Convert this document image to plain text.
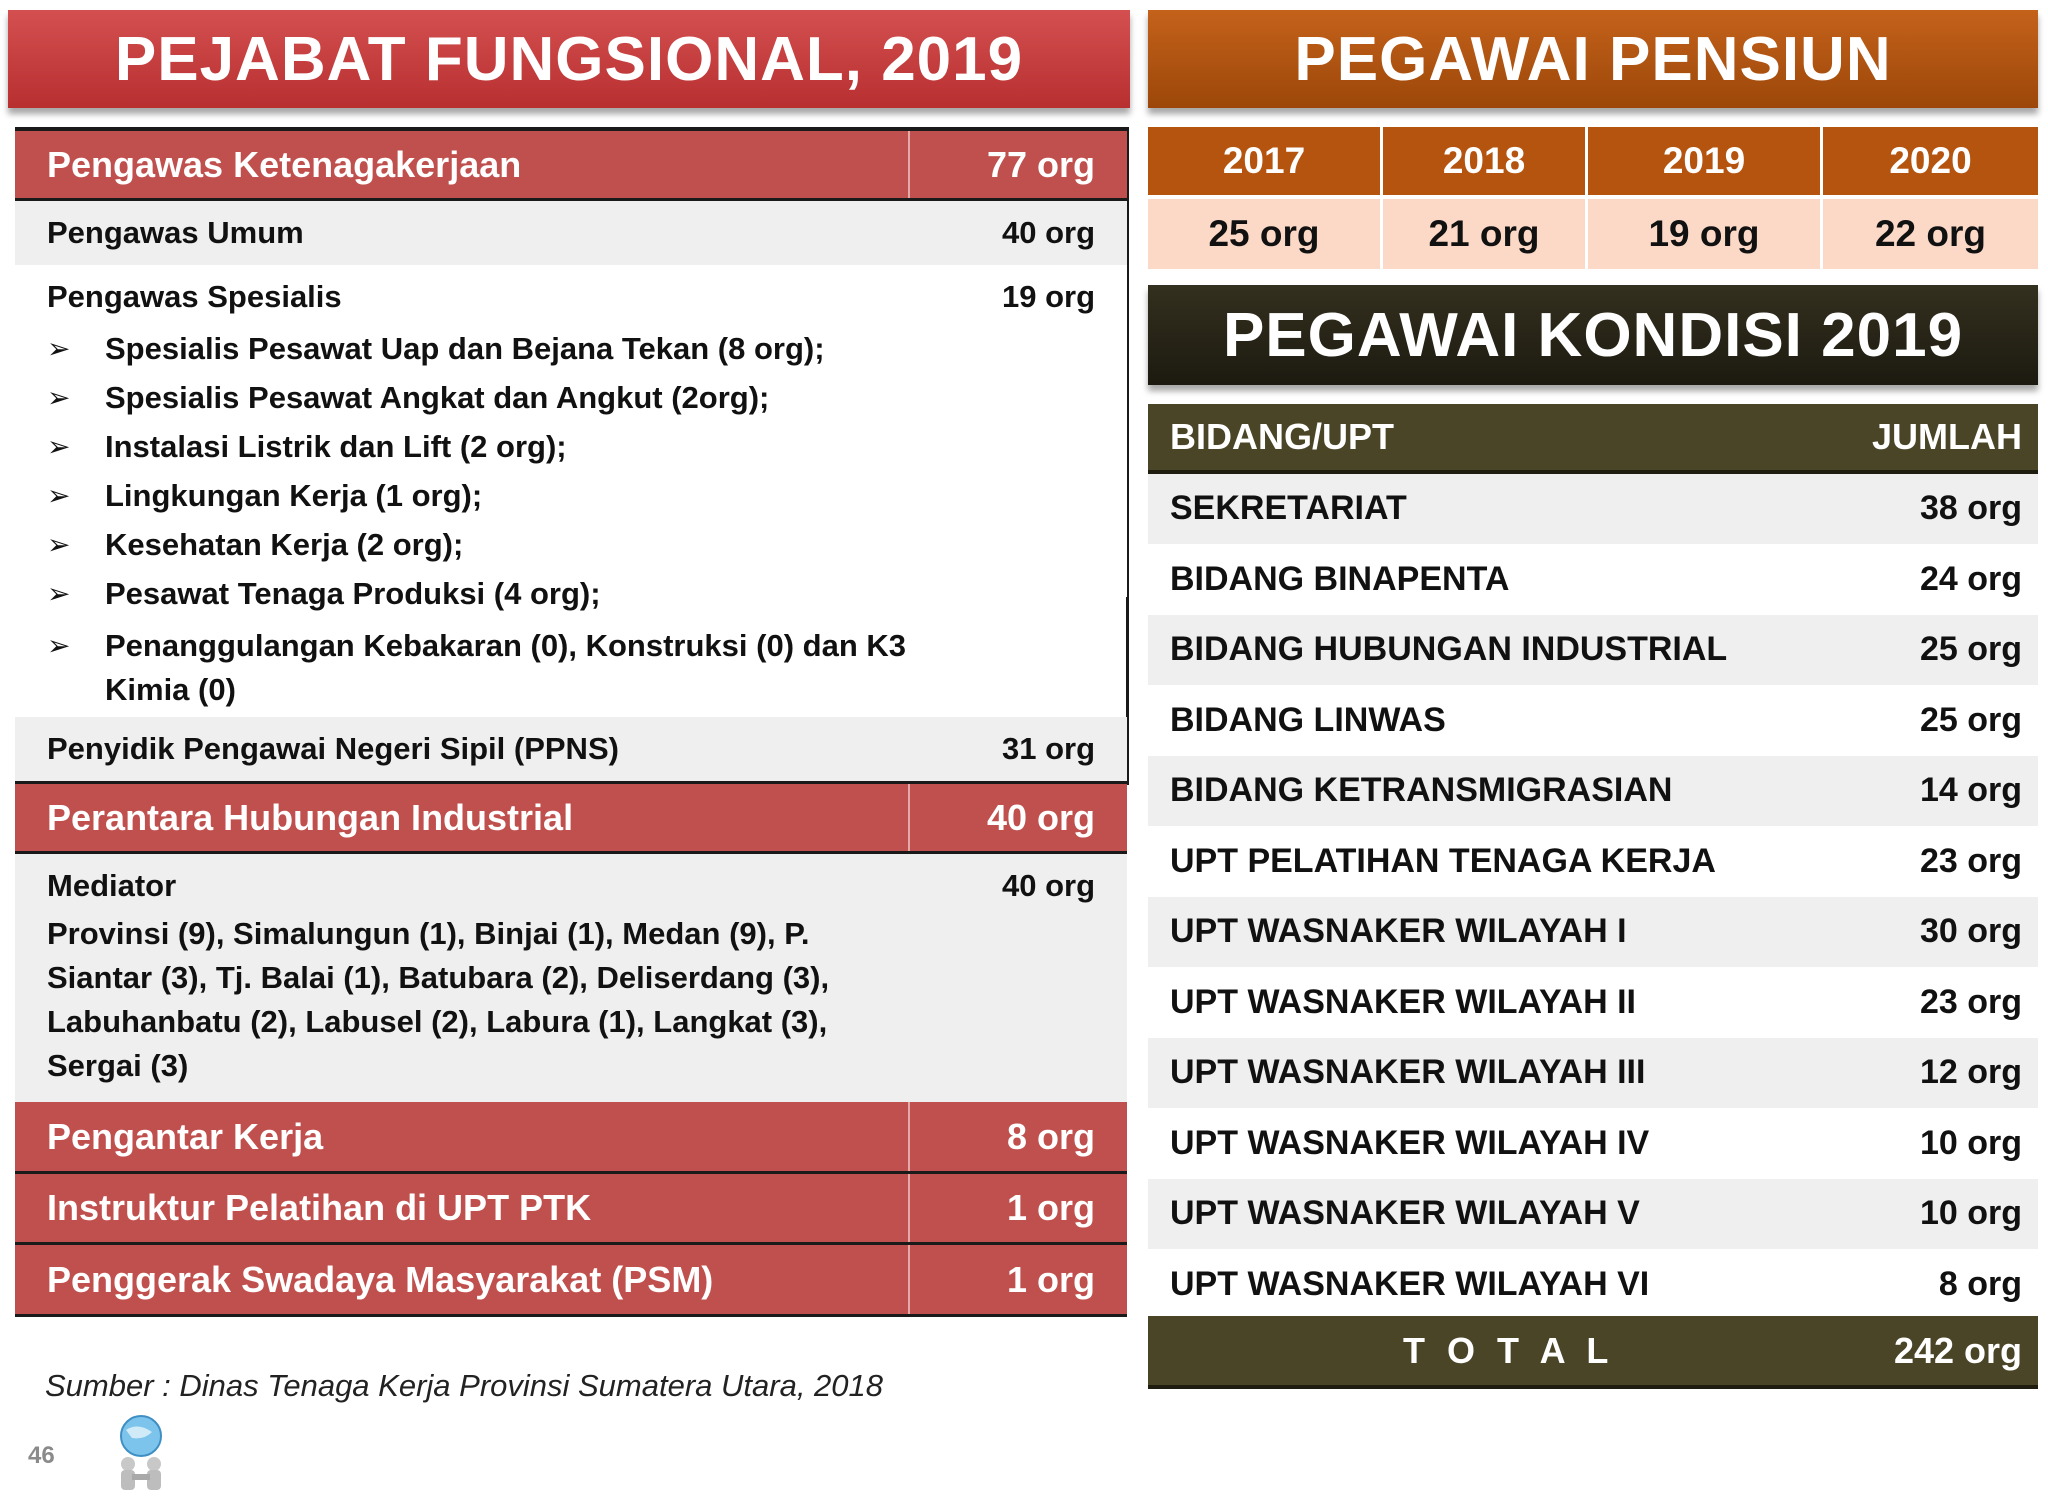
PEJABAT FUNGSIONAL, 2019
Pengawas Ketenagakerjaan	77 org
Pengawas Umum	40 org
Pengawas Spesialis	19 org
➢ Spesialis Pesawat Uap dan Bejana Tekan (8 org);
➢ Spesialis Pesawat Angkat dan Angkut (2org);
➢ Instalasi Listrik dan Lift (2 org);
➢ Lingkungan Kerja (1 org);
➢ Kesehatan Kerja (2 org);
➢ Pesawat Tenaga Produksi (4 org);
➢ Penanggulangan Kebakaran (0), Konstruksi (0) dan K3 Kimia (0)
Penyidik Pengawai Negeri Sipil (PPNS)	31 org
Perantara Hubungan Industrial	40 org
Mediator	40 org
Provinsi (9), Simalungun (1), Binjai (1), Medan (9), P.
Siantar (3), Tj. Balai (1), Batubara (2), Deliserdang (3),
Labuhanbatu (2), Labusel (2), Labura (1), Langkat (3),
Sergai (3)
Pengantar Kerja	8 org
Instruktur Pelatihan di UPT PTK	1 org
Penggerak Swadaya Masyarakat (PSM)	1 org
Sumber : Dinas Tenaga Kerja Provinsi Sumatera Utara, 2018
46
PEGAWAI PENSIUN
2017	2018	2019	2020
25 org	21 org	19 org	22 org
PEGAWAI KONDISI 2019
BIDANG/UPT	JUMLAH
SEKRETARIAT	38 org
BIDANG BINAPENTA	24 org
BIDANG HUBUNGAN INDUSTRIAL	25 org
BIDANG LINWAS	25 org
BIDANG KETRANSMIGRASIAN	14 org
UPT PELATIHAN TENAGA KERJA	23 org
UPT WASNAKER WILAYAH I	30 org
UPT WASNAKER WILAYAH II	23 org
UPT WASNAKER WILAYAH III	12 org
UPT WASNAKER WILAYAH IV	10 org
UPT WASNAKER WILAYAH V	10 org
UPT WASNAKER WILAYAH VI	8 org
T O T A L	242 org
